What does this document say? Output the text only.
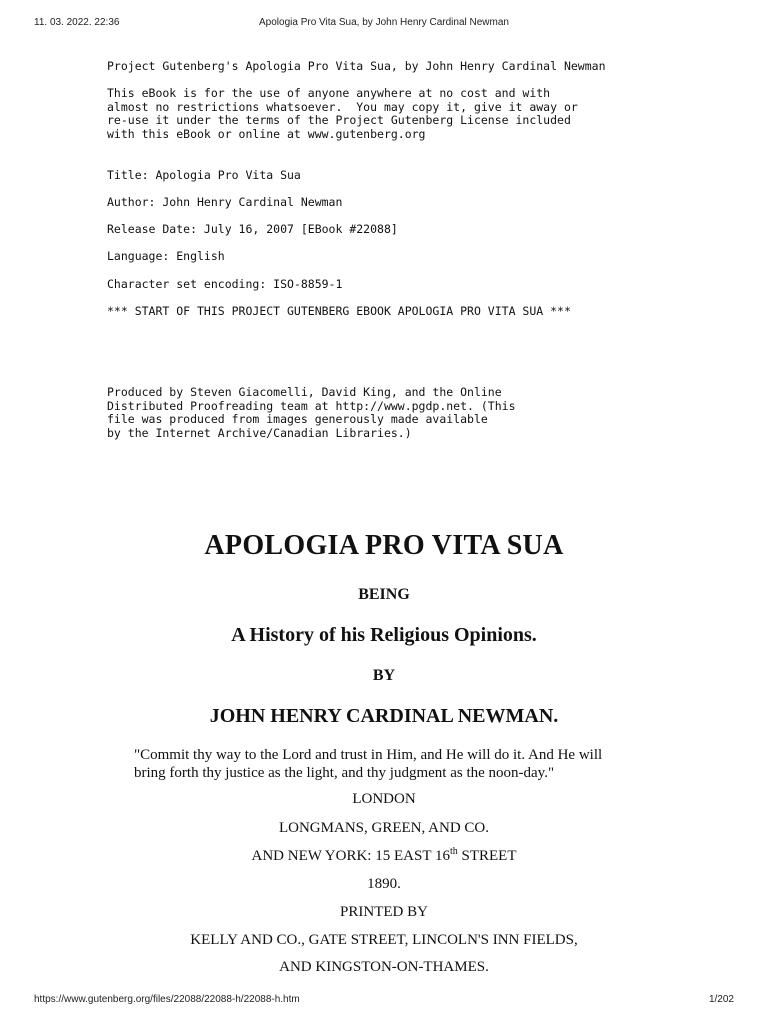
11. 03. 2022. 22:36	Apologia Pro Vita Sua, by John Henry Cardinal Newman
Project Gutenberg's Apologia Pro Vita Sua, by John Henry Cardinal Newman
This eBook is for the use of anyone anywhere at no cost and with
almost no restrictions whatsoever.  You may copy it, give it away or
re-use it under the terms of the Project Gutenberg License included
with this eBook or online at www.gutenberg.org
Title: Apologia Pro Vita Sua
Author: John Henry Cardinal Newman
Release Date: July 16, 2007 [EBook #22088]
Language: English
Character set encoding: ISO-8859-1
*** START OF THIS PROJECT GUTENBERG EBOOK APOLOGIA PRO VITA SUA ***
Produced by Steven Giacomelli, David King, and the Online
Distributed Proofreading team at http://www.pgdp.net. (This
file was produced from images generously made available
by the Internet Archive/Canadian Libraries.)
APOLOGIA PRO VITA SUA
BEING
A History of his Religious Opinions.
BY
JOHN HENRY CARDINAL NEWMAN.
"Commit thy way to the Lord and trust in Him, and He will do it. And He will bring forth thy justice as the light, and thy judgment as the noon-day."
LONDON
LONGMANS, GREEN, AND CO.
AND NEW YORK: 15 EAST 16th STREET
1890.
PRINTED BY
KELLY AND CO., GATE STREET, LINCOLN'S INN FIELDS,
AND KINGSTON-ON-THAMES.
https://www.gutenberg.org/files/22088/22088-h/22088-h.htm	1/202
